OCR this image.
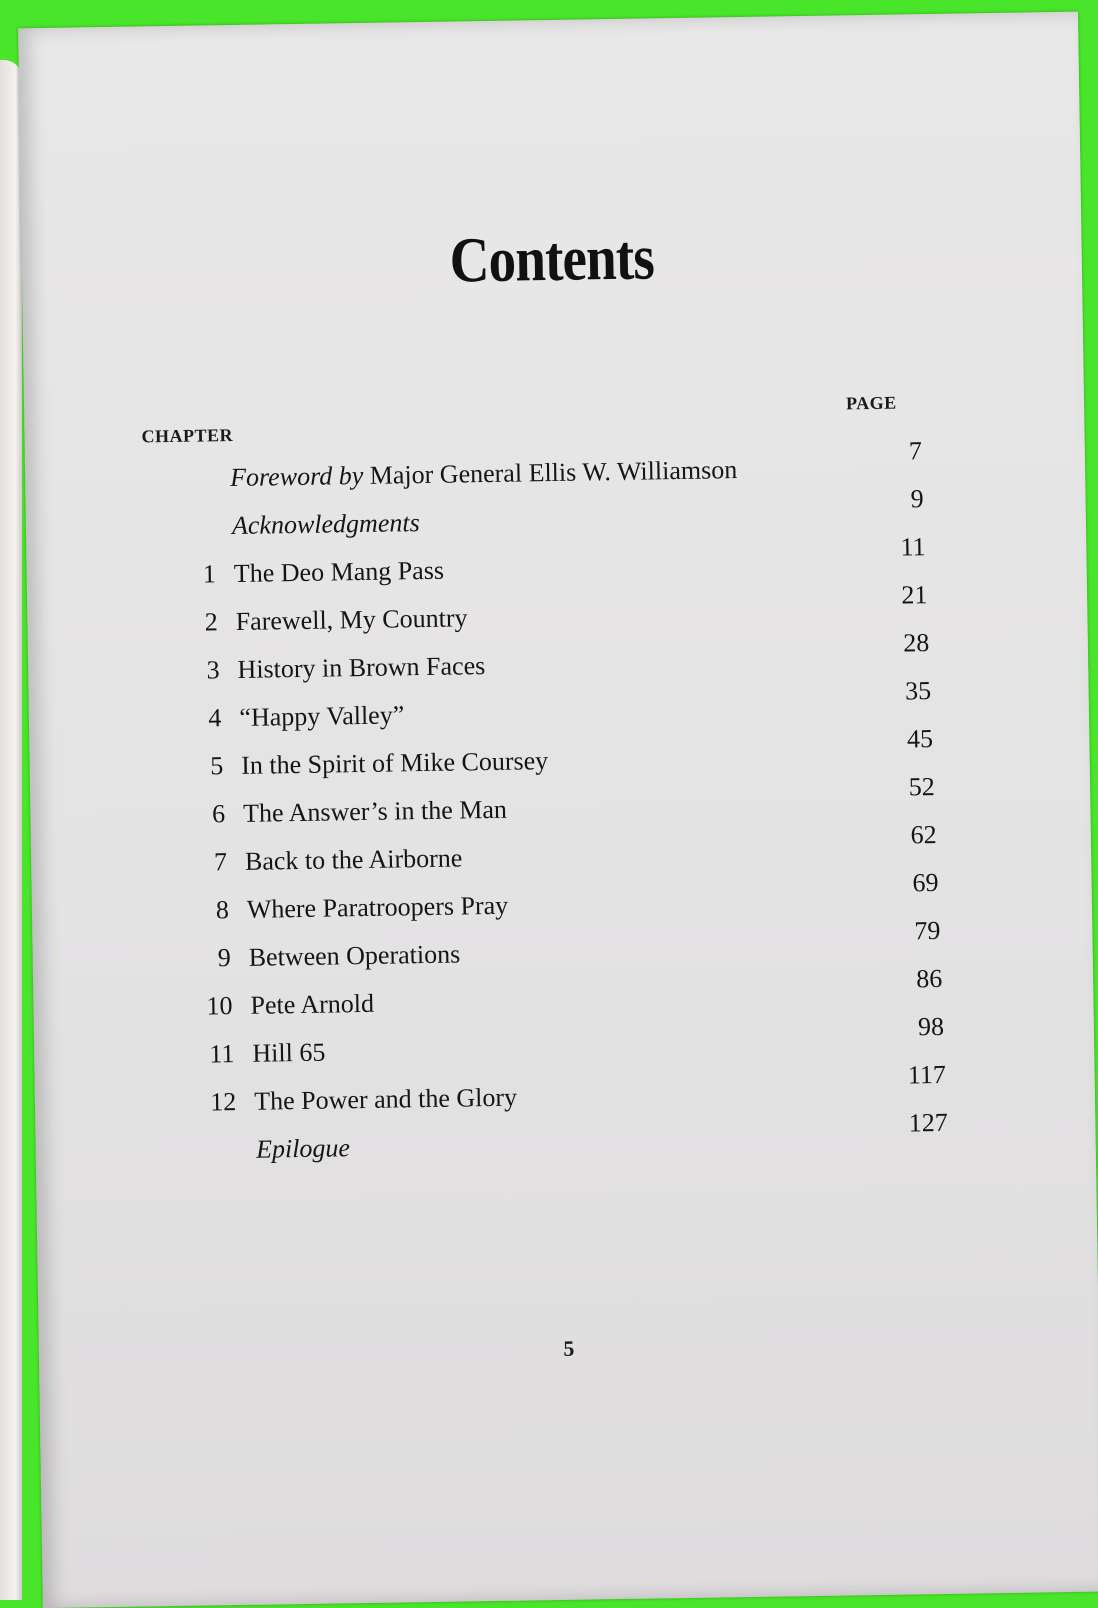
Contents
PAGE
CHAPTER
Foreword by Major General Ellis W. Williamson
7
Acknowledgments
9
1 The Deo Mang Pass
11
2 Farewell, My Country
21
3 History in Brown Faces
28
4 “Happy Valley”
35
5 In the Spirit of Mike Coursey
45
6 The Answer’s in the Man
52
7 Back to the Airborne
62
8 Where Paratroopers Pray
69
9 Between Operations
79
10 Pete Arnold
86
11 Hill 65
98
12 The Power and the Glory
117
Epilogue
127
5
